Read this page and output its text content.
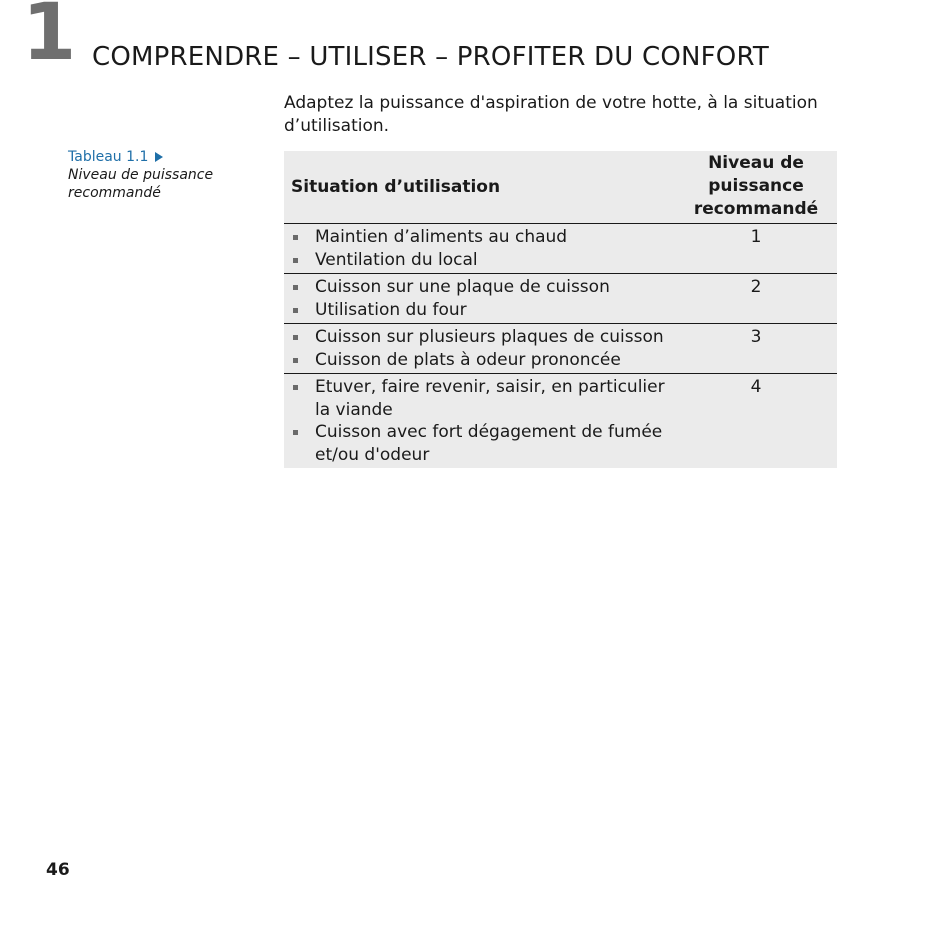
1 COMPRENDRE – UTILISER – PROFITER DU CONFORT
Adaptez la puissance d'aspiration de votre hotte, à la situation d’utilisation.
Tableau 1.1
Niveau de puissance recommandé	Situation d’utilisation
Niveau de puissance recommandé
Maintien d’aliments au chaud
Ventilation du local
1
Cuisson sur une plaque de cuisson
Utilisation du four
2
Cuisson sur plusieurs plaques de cuisson
Cuisson de plats à odeur prononcée
3
Etuver, faire revenir, saisir, en particulier la viande
Cuisson avec fort dégagement de fumée et/ou d'odeur
4
46
